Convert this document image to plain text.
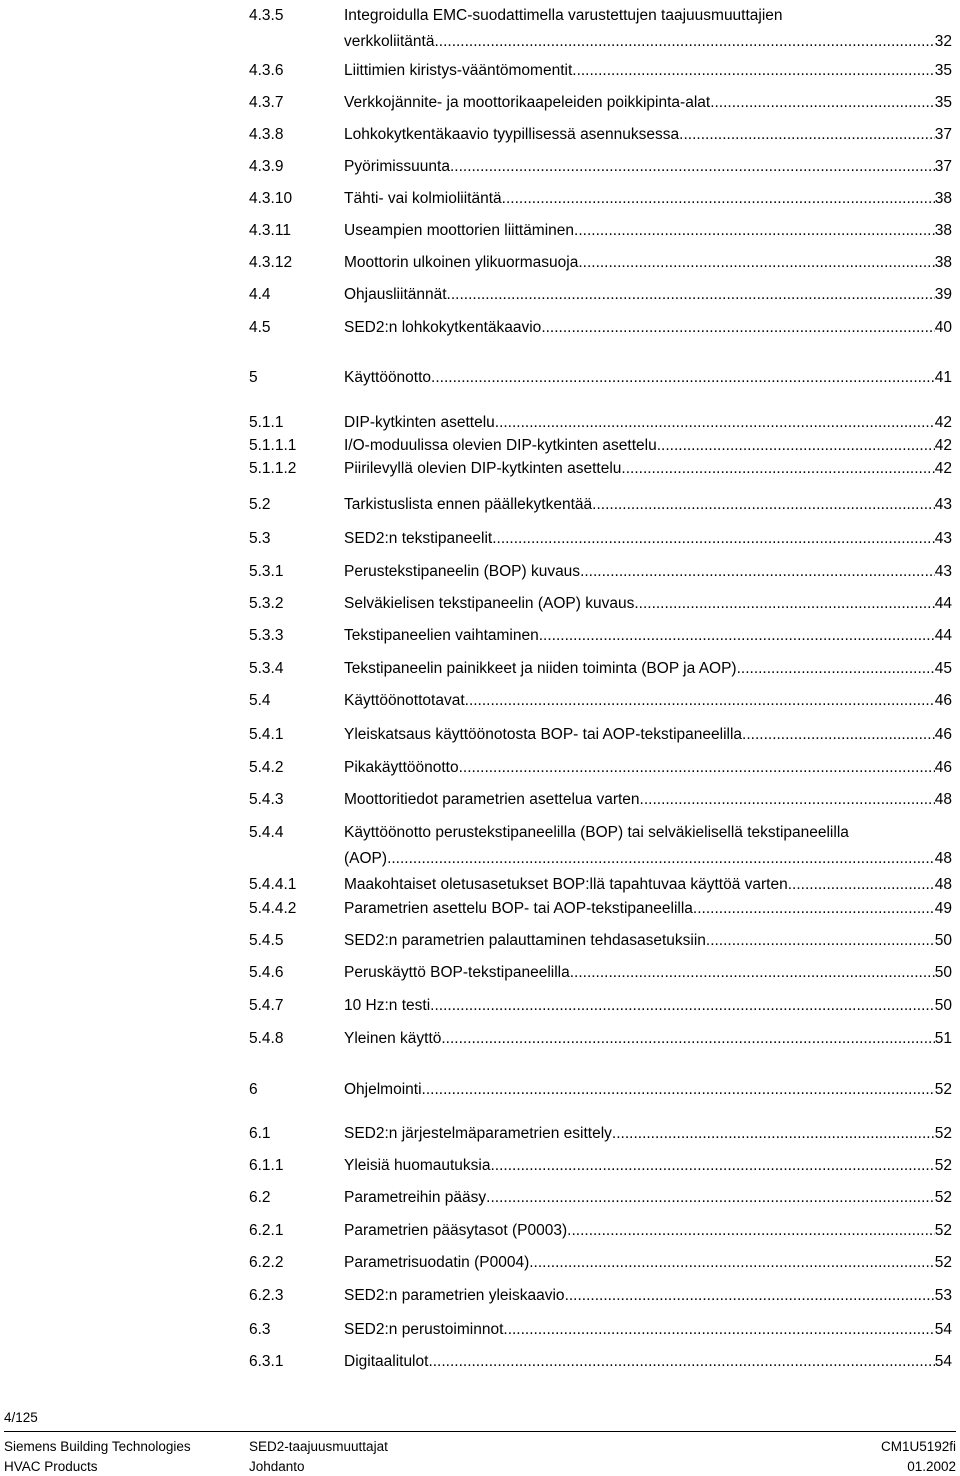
4.3.5	Integroidulla EMC-suodattimella varustettujen taajuusmuuttajien
verkkoliitäntä .....	32
4.3.6	Liittimien kiristys-vääntömomentit .....	35
4.3.7	Verkkojännite- ja moottorikaapeleiden poikkipinta-alat .....	35
4.3.8	Lohkokytkentäkaavio tyypillisessä asennuksessa .....	37
4.3.9	Pyörimissuunta .....	37
4.3.10	Tähti- vai kolmioliitäntä .....	38
4.3.11	Useampien moottorien liittäminen .....	38
4.3.12	Moottorin ulkoinen ylikuormasuoja .....	38
4.4	Ohjausliitännät .....	39
4.5	SED2:n lohkokytkentäkaavio .....	40
5	Käyttöönotto .....	41
5.1.1	DIP-kytkinten asettelu .....	42
5.1.1.1	I/O-moduulissa olevien DIP-kytkinten asettelu .....	42
5.1.1.2	Piirilevyllä olevien DIP-kytkinten asettelu .....	42
5.2	Tarkistuslista ennen päällekytkentää .....	43
5.3	SED2:n tekstipaneelit .....	43
5.3.1	Perustekstipaneelin (BOP) kuvaus .....	43
5.3.2	Selväkielisen tekstipaneelin (AOP) kuvaus .....	44
5.3.3	Tekstipaneelien vaihtaminen .....	44
5.3.4	Tekstipaneelin painikkeet ja niiden toiminta (BOP ja AOP) .....	45
5.4	Käyttöönottotavat .....	46
5.4.1	Yleiskatsaus käyttöönotosta BOP- tai AOP-tekstipaneelilla .....	46
5.4.2	Pikakäyttöönotto .....	46
5.4.3	Moottoritiedot parametrien asettelua varten .....	48
5.4.4	Käyttöönotto perustekstipaneelilla (BOP) tai selväkielisellä tekstipaneelilla
(AOP) .....	48
5.4.4.1	Maakohtaiset oletusasetukset BOP:llä tapahtuvaa käyttöä varten .....	48
5.4.4.2	Parametrien asettelu BOP- tai AOP-tekstipaneelilla .....	49
5.4.5	SED2:n parametrien palauttaminen tehdasasetuksiin .....	50
5.4.6	Peruskäyttö BOP-tekstipaneelilla .....	50
5.4.7	10 Hz:n testi .....	50
5.4.8	Yleinen käyttö .....	51
6	Ohjelmointi .....	52
6.1	SED2:n järjestelmäparametrien esittely .....	52
6.1.1	Yleisiä huomautuksia .....	52
6.2	Parametreihin pääsy .....	52
6.2.1	Parametrien pääsytasot (P0003) .....	52
6.2.2	Parametrisuodatin (P0004) .....	52
6.2.3	SED2:n parametrien yleiskaavio .....	53
6.3	SED2:n perustoiminnot .....	54
6.3.1	Digitaalitulot .....	54
4/125
Siemens Building Technologies
HVAC Products
SED2-taajuusmuuttajat
Johdanto
CM1U5192fi
01.2002
